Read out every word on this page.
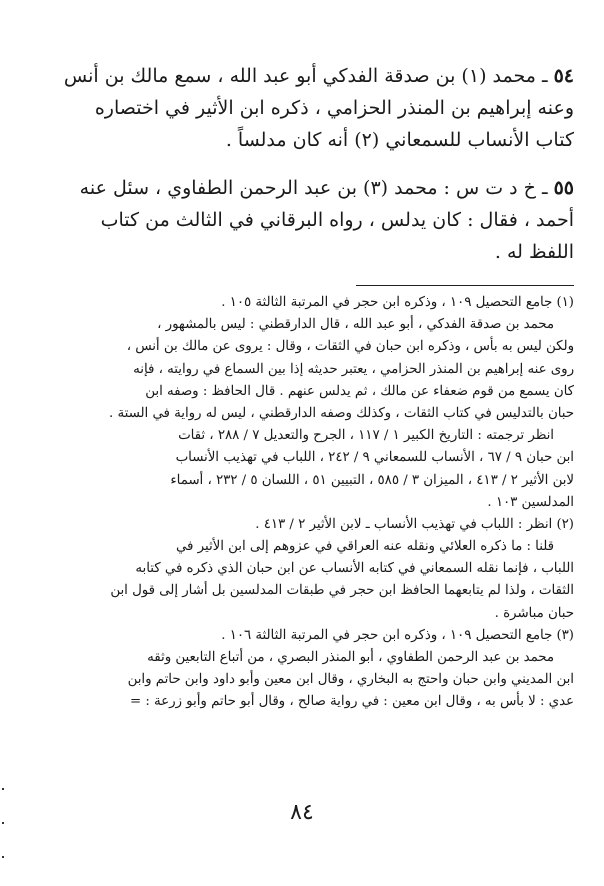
٥٤ ـ محمد (١) بن صدقة الفدكي أبو عبد الله ، سمع مالك بن أنس
وعنه إبراهيم بن المنذر الحزامي ، ذكره ابن الأثير في اختصاره
كتاب الأنساب للسمعاني (٢) أنه كان مدلساً .
٥٥ ـ خ د ت س : محمد (٣) بن عبد الرحمن الطفاوي ، سئل عنه
أحمد ، فقال : كان يدلس ، رواه البرقاني في الثالث من كتاب
اللفظ له .
(١) جامع التحصيل ١٠٩ ، وذكره ابن حجر في المرتبة الثالثة ١٠٥ .
محمد بن صدقة الفدكي ، أبو عبد الله ، قال الدارقطني : ليس بالمشهور ،
ولكن ليس به بأس ، وذكره ابن حبان في الثقات ، وقال : يروى عن مالك بن أنس ،
روى عنه إبراهيم بن المنذر الحزامي ، يعتبر حديثه إذا بين السماع في روايته ، فإنه
كان يسمع من قوم ضعفاء عن مالك ، ثم يدلس عنهم . قال الحافظ : وصفه ابن
حبان بالتدليس في كتاب الثقات ، وكذلك وصفه الدارقطني ، ليس له رواية في الستة .
انظر ترجمته : التاريخ الكبير ١ / ١١٧ ، الجرح والتعديل ٧ / ٢٨٨ ، ثقات
ابن حبان ٩ / ٦٧ ، الأنساب للسمعاني ٩ / ٢٤٢ ، اللباب في تهذيب الأنساب
لابن الأثير ٢ / ٤١٣ ، الميزان ٣ / ٥٨٥ ، التبيين ٥١ ، اللسان ٥ / ٢٣٢ ، أسماء
المدلسين ١٠٣ .
(٢) انظر : اللباب في تهذيب الأنساب ـ لابن الأثير ٢ / ٤١٣ .
قلنا : ما ذكره العلائي ونقله عنه العراقي في عزوهم إلى ابن الأثير في
اللباب ، فإنما نقله السمعاني في كتابه الأنساب عن ابن حبان الذي ذكره في كتابه
الثقات ، ولذا لم يتابعهما الحافظ ابن حجر في طبقات المدلسين بل أشار إلى قول ابن
حبان مباشرة .
(٣) جامع التحصيل ١٠٩ ، وذكره ابن حجر في المرتبة الثالثة ١٠٦ .
محمد بن عبد الرحمن الطفاوي ، أبو المنذر البصري ، من أتباع التابعين وثقه
ابن المديني وابن حبان واحتج به البخاري ، وقال ابن معين وأبو داود وابن حاتم وابن
عدي : لا بأس به ، وقال ابن معين : في رواية صالح ، وقال أبو حاتم وأبو زرعة : =
٨٤
